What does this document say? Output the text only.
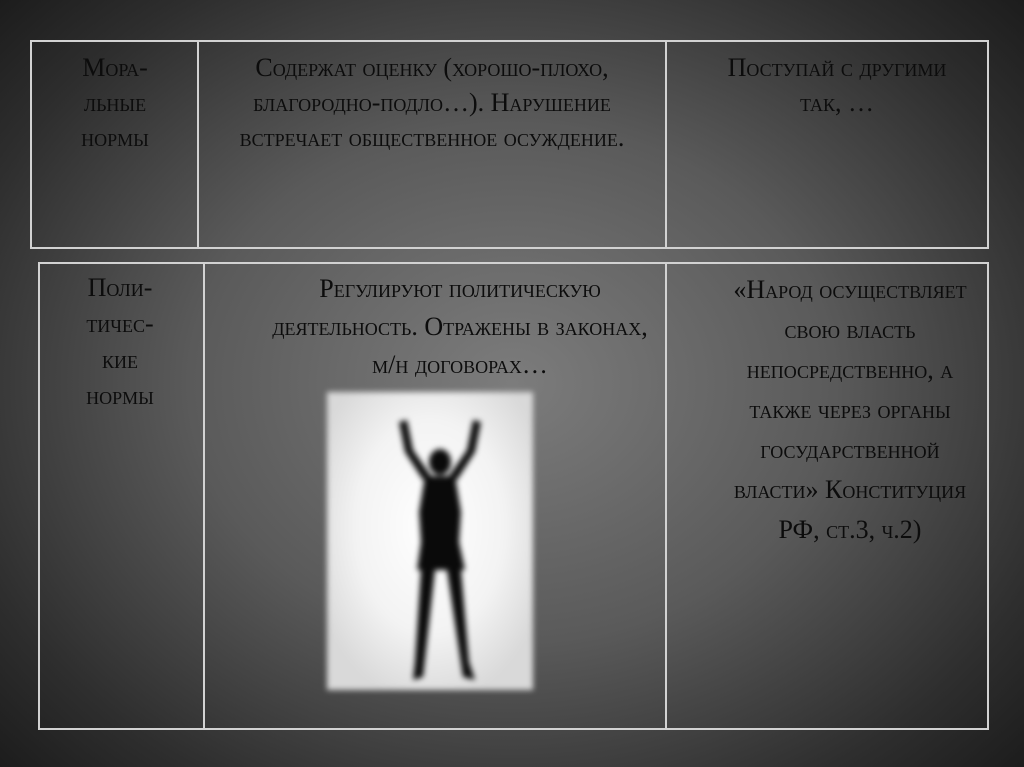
Мора-
льные
нормы
Содержат оценку (хорошо-плохо, благородно-подло…). Нарушение встречает общественное осуждение.
Поступай с другими так, …
Поли-
тичес-
кие
нормы
Регулируют политическую деятельность. Отражены в законах, м/н договорах…
«Народ осуществляет свою власть непосредственно, а также через органы государственной власти» Конституция РФ, ст.3, ч.2)
